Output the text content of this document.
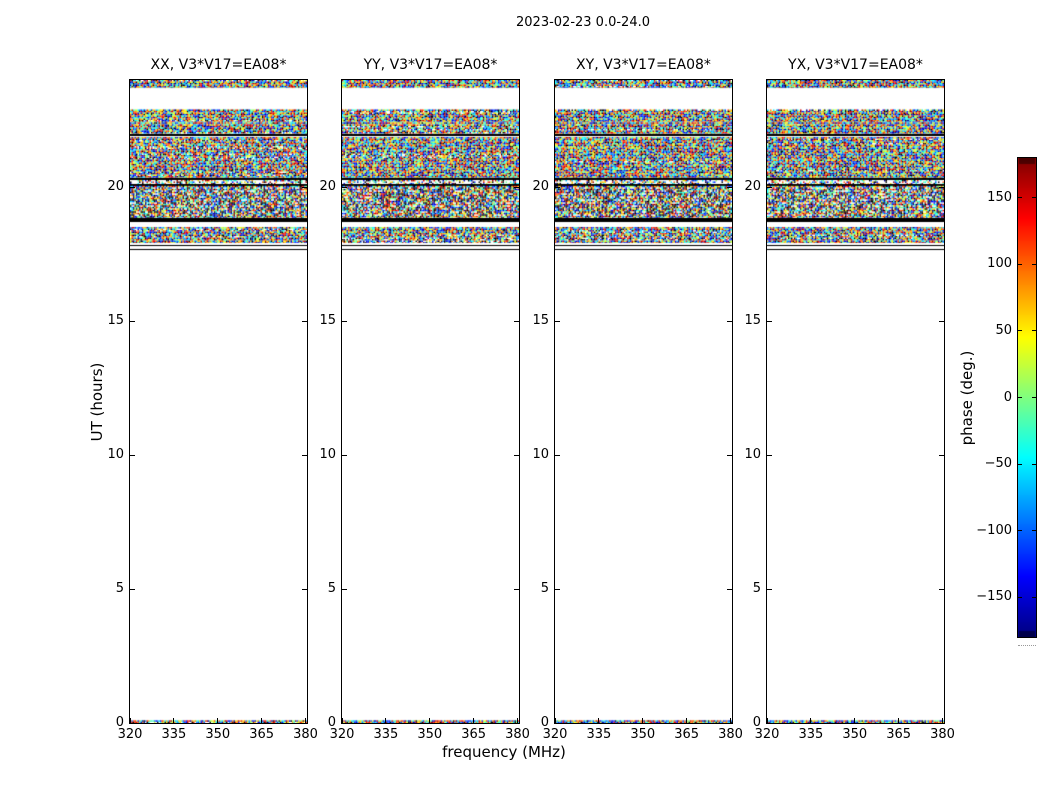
2023-02-23 0.0-24.0
UT (hours)
frequency (MHz)
phase (deg.)
XX, V3*V17=EA08*
320	335	350	365	380
0
5
10
15
20
YY, V3*V17=EA08*
320	335	350	365	380
0
5
10
15
20
XY, V3*V17=EA08*
320	335	350	365	380
0
5
10
15
20
YX, V3*V17=EA08*
320	335	350	365	380
0
5
10
15
20
−150
−100
−50
0
50
100
150
